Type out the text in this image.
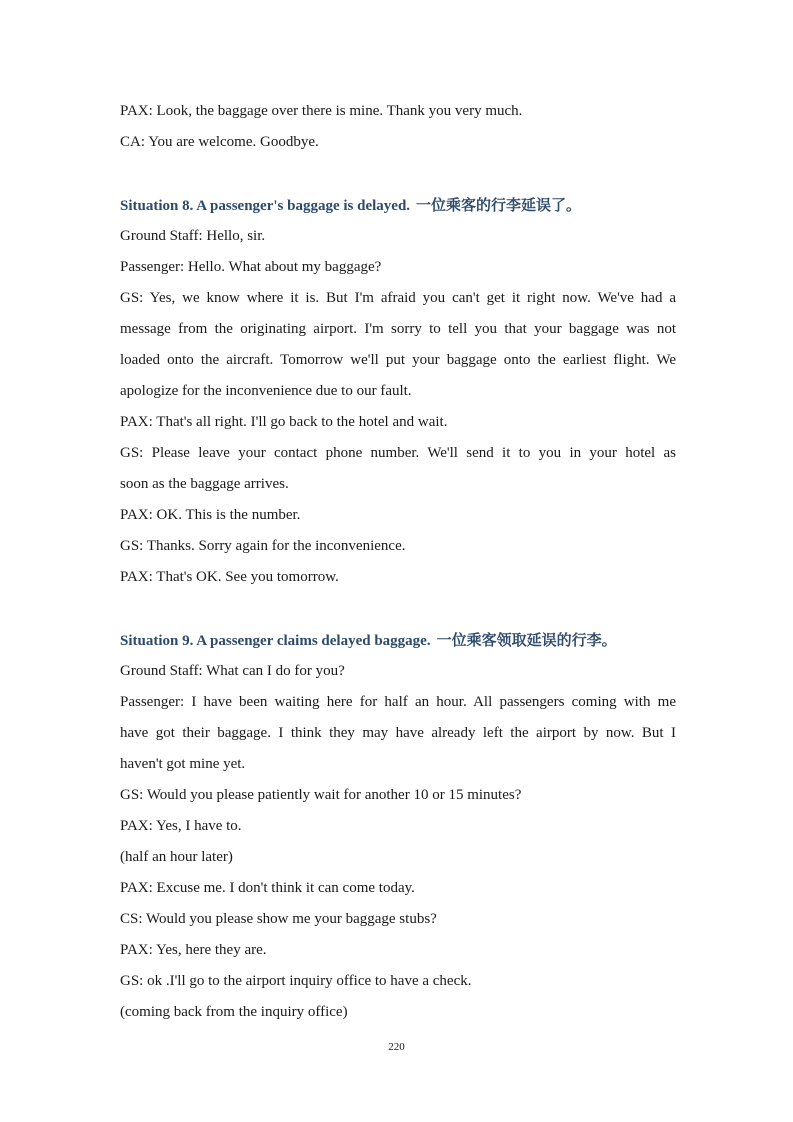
PAX: Look, the baggage over there is mine. Thank you very much.
CA: You are welcome. Goodbye.
Situation 8. A passenger's baggage is delayed. 一位乘客的行李延误了。
Ground Staff: Hello, sir.
Passenger: Hello. What about my baggage?
GS: Yes, we know where it is. But I'm afraid you can't get it right now. We've had a
message from the originating airport. I'm sorry to tell you that your baggage was not
loaded onto the aircraft. Tomorrow we'll put your baggage onto the earliest flight. We
apologize for the inconvenience due to our fault.
PAX: That's all right. I'll go back to the hotel and wait.
GS: Please leave your contact phone number. We'll send it to you in your hotel as
soon as the baggage arrives.
PAX: OK. This is the number.
GS: Thanks. Sorry again for the inconvenience.
PAX: That's OK. See you tomorrow.
Situation 9. A passenger claims delayed baggage. 一位乘客领取延误的行李。
Ground Staff: What can I do for you?
Passenger: I have been waiting here for half an hour. All passengers coming with me
have got their baggage. I think they may have already left the airport by now. But I
haven't got mine yet.
GS: Would you please patiently wait for another 10 or 15 minutes?
PAX: Yes, I have to.
(half an hour later)
PAX: Excuse me. I don't think it can come today.
CS: Would you please show me your baggage stubs?
PAX: Yes, here they are.
GS: ok .I'll go to the airport inquiry office to have a check.
(coming back from the inquiry office)
220
